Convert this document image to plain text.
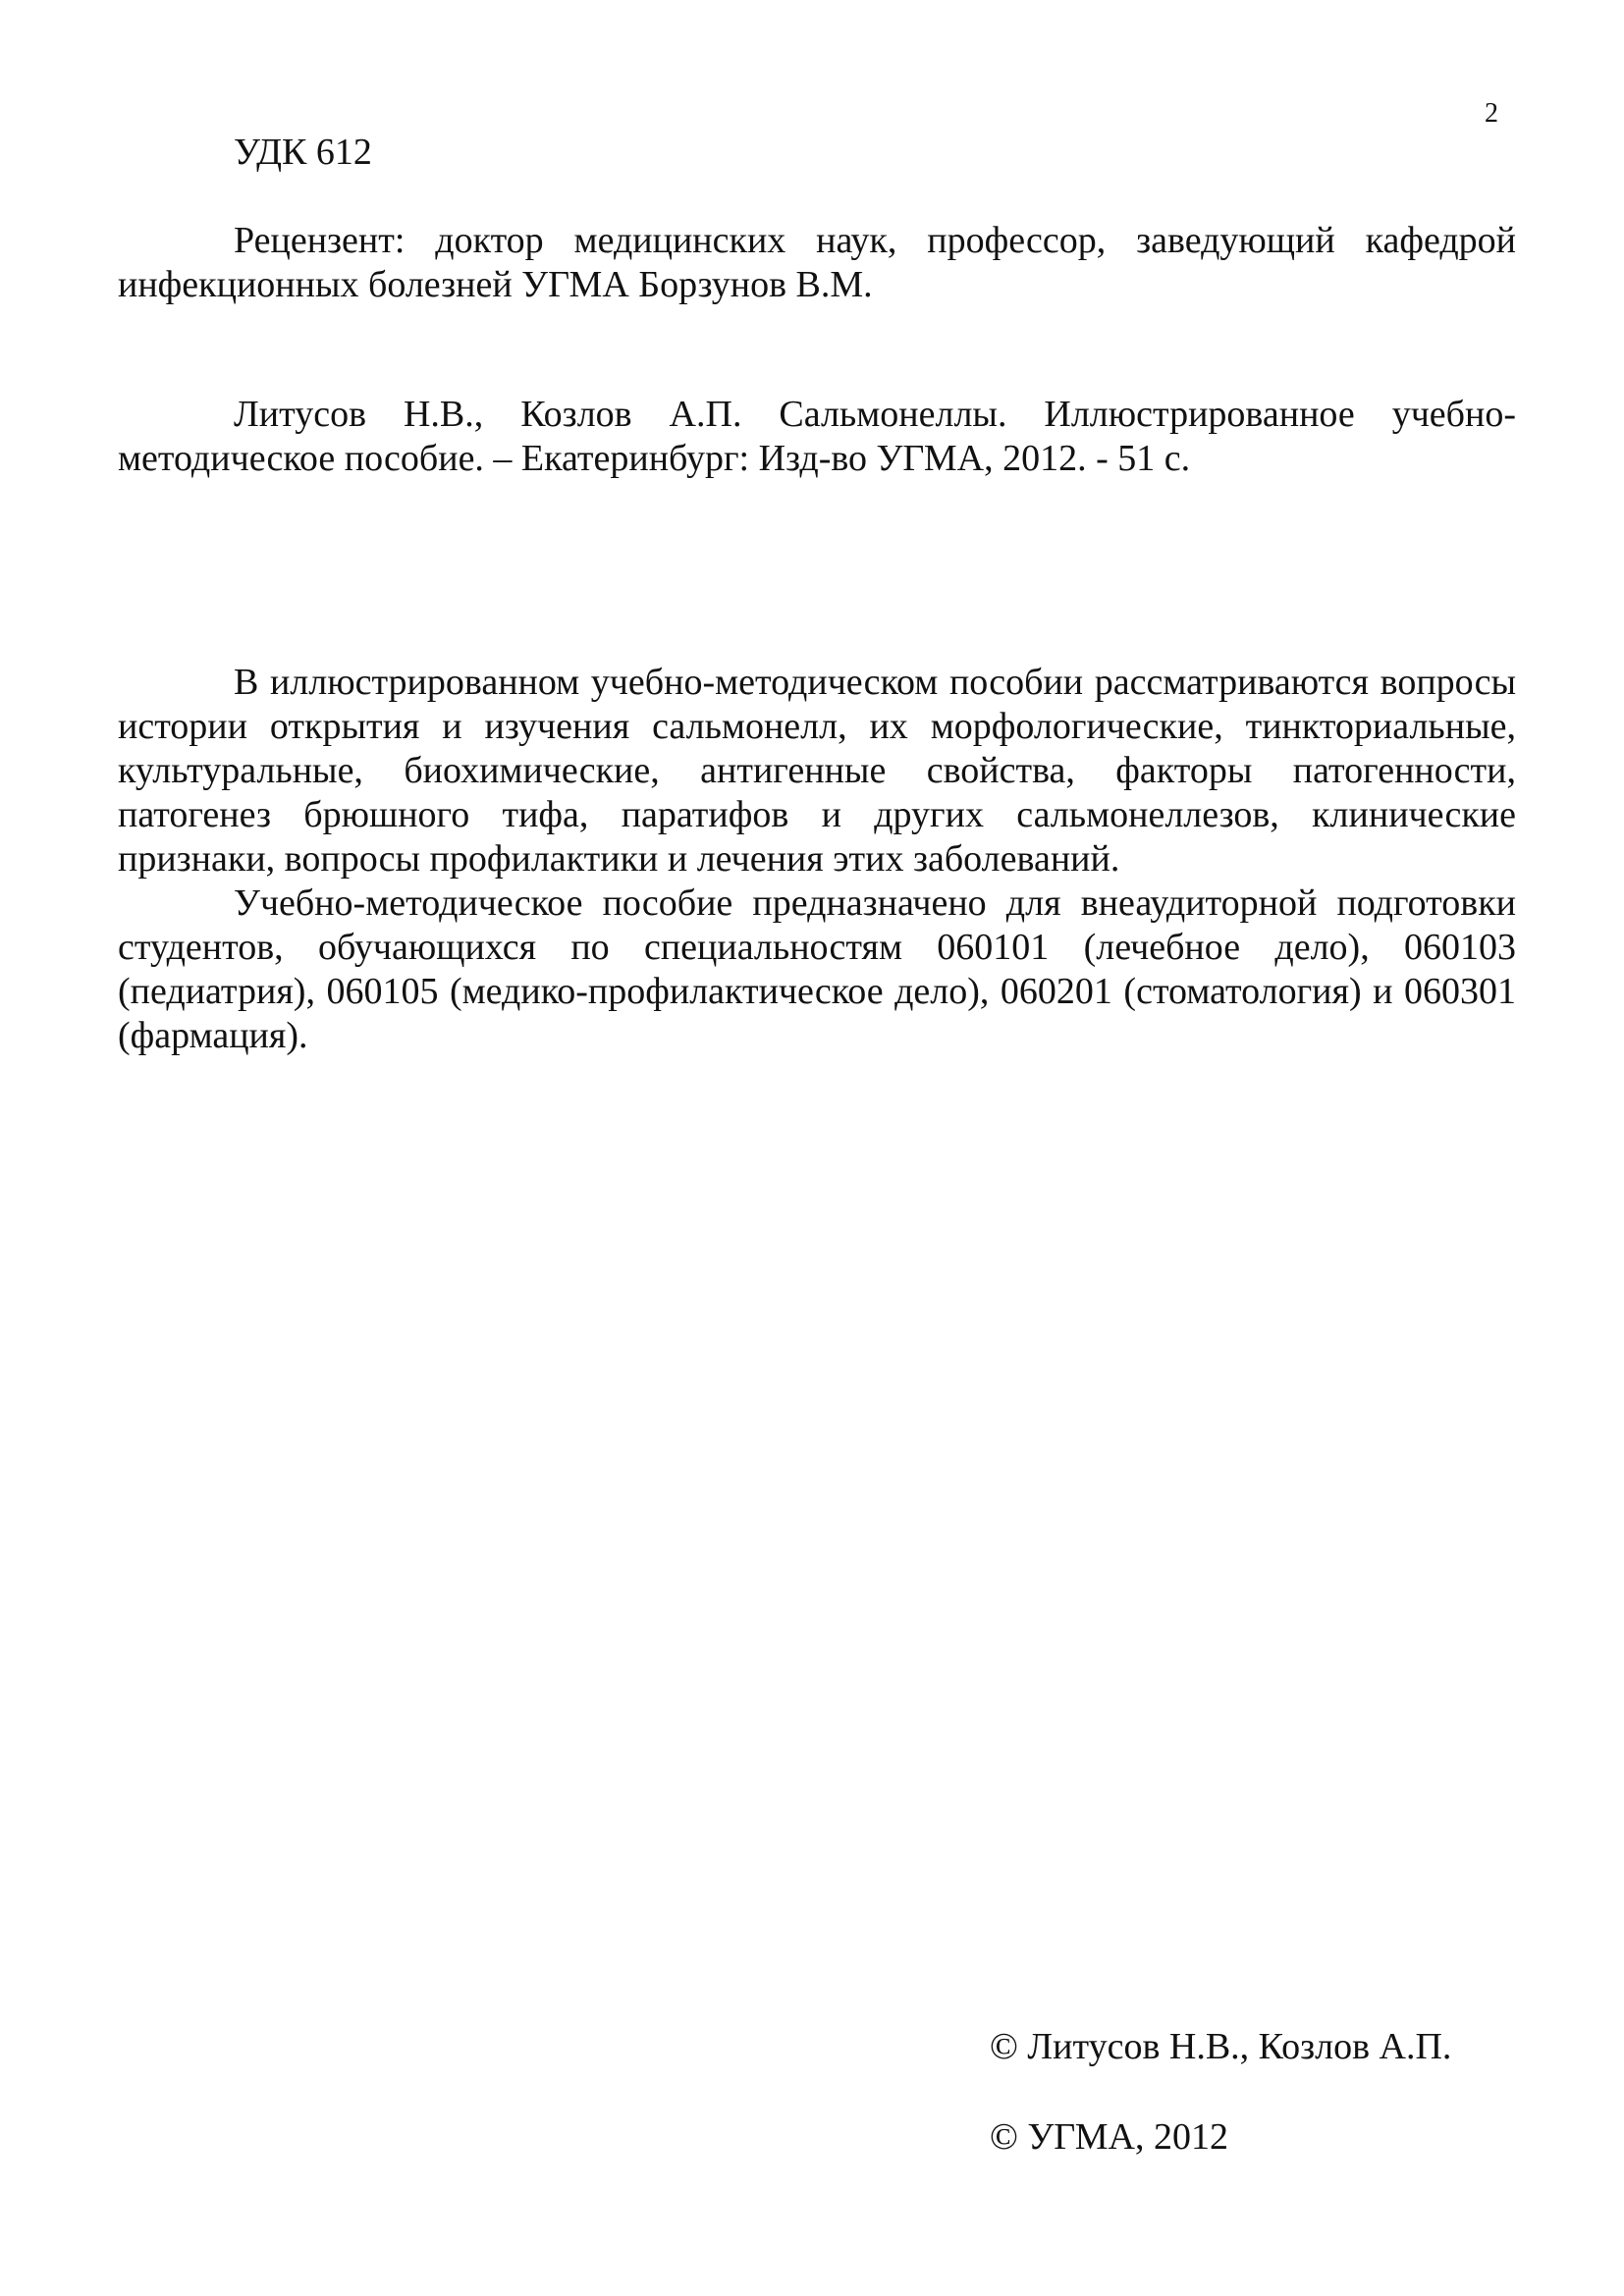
2

УДК 612

Рецензент: доктор медицинских наук, профессор, заведующий кафедрой инфекционных болезней УГМА Борзунов В.М.

Литусов Н.В., Козлов А.П. Сальмонеллы. Иллюстрированное учебно-методическое пособие. – Екатеринбург: Изд-во УГМА, 2012. - 51 с.

В иллюстрированном учебно-методическом пособии рассматриваются вопросы истории открытия и изучения сальмонелл, их морфологические, тинкториальные, культуральные, биохимические, антигенные свойства, факторы патогенности, патогенез брюшного тифа, паратифов и других сальмонеллезов, клинические признаки, вопросы профилактики и лечения этих заболеваний.

Учебно-методическое пособие предназначено для внеаудиторной подготовки студентов, обучающихся по специальностям 060101 (лечебное дело), 060103 (педиатрия), 060105 (медико-профилактическое дело), 060201 (стоматология) и 060301 (фармация).

© Литусов Н.В., Козлов А.П.

© УГМА, 2012
